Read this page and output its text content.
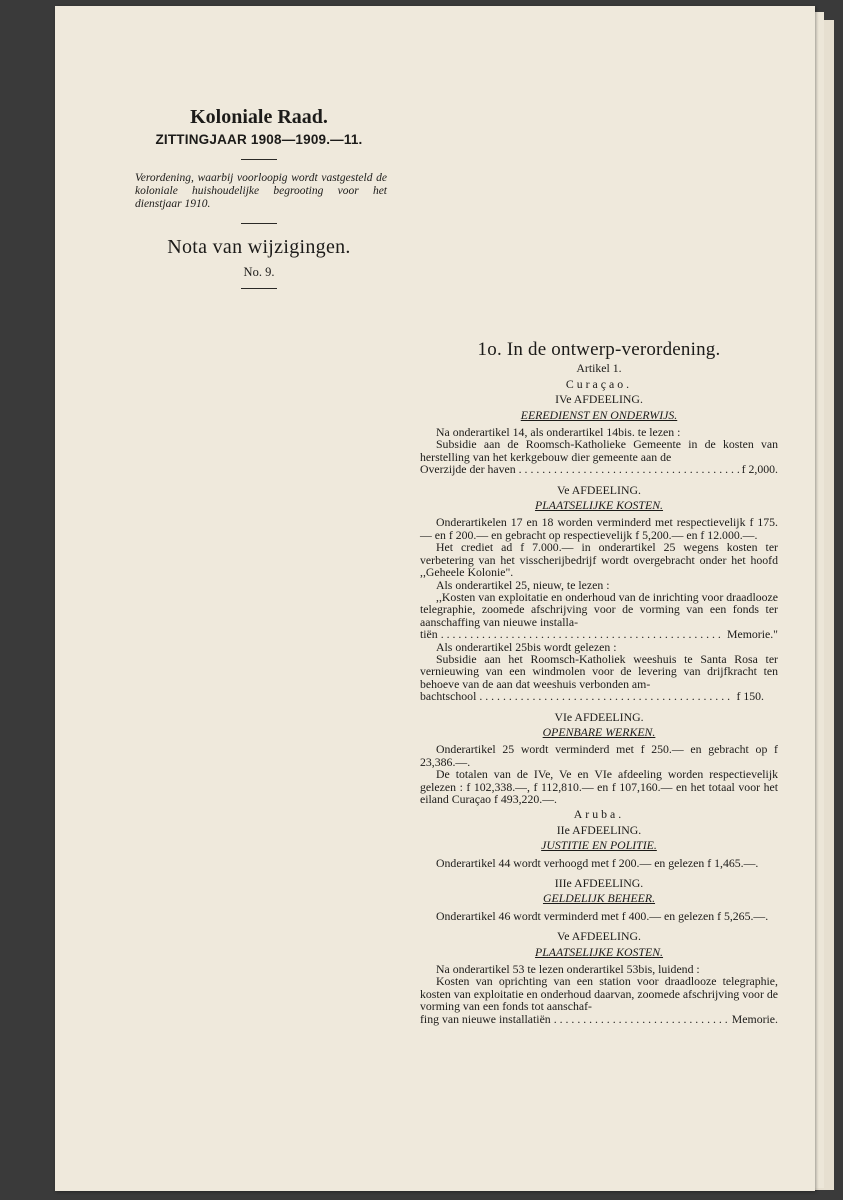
Koloniale Raad.

ZITTINGJAAR 1908—1909.—11.

Verordening, waarbij voorloopig wordt vastgesteld de koloniale huishoudelijke begrooting voor het dienstjaar 1910.

Nota van wijzigingen.

No. 9.

1o. In de ontwerp-verordening.

Artikel 1.

Curaçao.

IVe AFDEELING.

EEREDIENST EN ONDERWIJS.

Na onderartikel 14, als onderartikel 14bis. te lezen :

Subsidie aan de Roomsch-Katholieke Gemeente in de kosten van herstelling van het kerkgebouw dier gemeente aan de

Overzijde der haven . . .	f 2,000.

Ve AFDEELING.

PLAATSELIJKE KOSTEN.

Onderartikelen 17 en 18 worden verminderd met respectievelijk f 175.— en f 200.— en gebracht op respectievelijk f 5,200.— en f 12.000.—.

Het crediet ad f 7.000.— in onderartikel 25 wegens kosten ter verbetering van het visscherijbedrijf wordt overgebracht onder het hoofd ,,Geheele Kolonie".

Als onderartikel 25, nieuw, te lezen :

,,Kosten van exploitatie en onderhoud van de inrichting voor draadlooze telegraphie, zoomede afschrijving voor de vorming van een fonds ter aanschaffing van nieuwe installa-

tiën . . .	Memorie."

Als onderartikel 25bis wordt gelezen :

Subsidie aan het Roomsch-Katholiek weeshuis te Santa Rosa ter vernieuwing van een windmolen voor de levering van drijfkracht ten behoeve van de aan dat weeshuis verbonden am-

bachtschool . . .	f 150.

VIe AFDEELING.

OPENBARE WERKEN.

Onderartikel 25 wordt verminderd met f 250.— en gebracht op f 23,386.—.

De totalen van de IVe, Ve en VIe afdeeling worden respectievelijk gelezen : f 102,338.—, f 112,810.— en f 107,160.— en het totaal voor het eiland Curaçao f 493,220.—.

Aruba.

IIe AFDEELING.

JUSTITIE EN POLITIE.

Onderartikel 44 wordt verhoogd met f 200.— en gelezen f 1,465.—.

IIIe AFDEELING.

GELDELIJK BEHEER.

Onderartikel 46 wordt verminderd met f 400.— en gelezen f 5,265.—.

Ve AFDEELING.

PLAATSELIJKE KOSTEN.

Na onderartikel 53 te lezen onderartikel 53bis, luidend :

Kosten van oprichting van een station voor draadlooze telegraphie, kosten van exploitatie en onderhoud daarvan, zoomede afschrijving voor de vorming van een fonds tot aanschaf-

fing van nieuwe installatiën . . .	Memorie.
